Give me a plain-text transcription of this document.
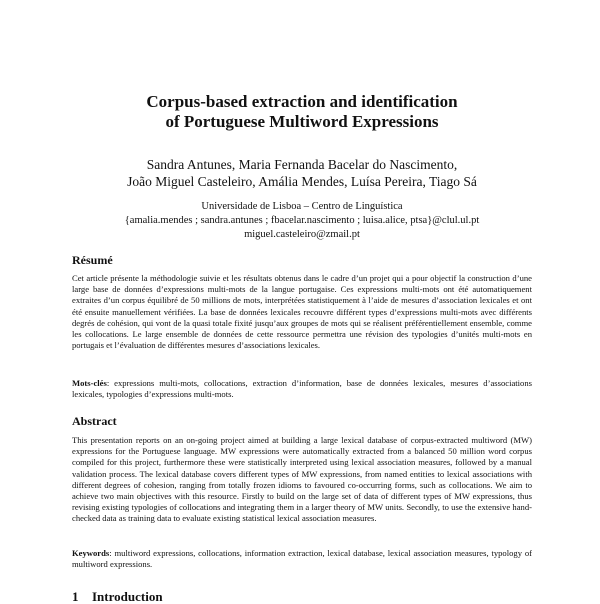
Corpus-based extraction and identification
of Portuguese Multiword Expressions
Sandra Antunes, Maria Fernanda Bacelar do Nascimento,
João Miguel Casteleiro, Amália Mendes, Luísa Pereira, Tiago Sá
Universidade de Lisboa – Centro de Linguística
{amalia.mendes ; sandra.antunes ; fbacelar.nascimento ; luisa.alice, ptsa}@clul.ul.pt
miguel.casteleiro@zmail.pt
Résumé

Cet article présente la méthodologie suivie et les résultats obtenus dans le cadre d’un projet qui a pour objectif la construction d’une large base de données d’expressions multi-mots de la langue portugaise. Ces expressions multi-mots ont été automatiquement extraites d’un corpus équilibré de 50 millions de mots, interprétées statistiquement à l’aide de mesures d’association lexicales et ont été ensuite manuellement vérifiées. La base de données lexicales recouvre différent types d’expressions multi-mots avec différents degrés de cohésion, qui vont de la quasi totale fixité jusqu’aux groupes de mots qui se réalisent préférentiellement ensemble, comme les collocations. Le large ensemble de données de cette ressource permettra une révision des typologies d’unités multi-mots en portugais et l’évaluation de différentes mesures d’associations lexicales.

Mots-clés: expressions multi-mots, collocations, extraction d’information, base de données lexicales, mesures d’associations lexicales, typologies d’expressions multi-mots.

Abstract

This presentation reports on an on-going project aimed at building a large lexical database of corpus-extracted multiword (MW) expressions for the Portuguese language. MW expressions were automatically extracted from a balanced 50 million word corpus compiled for this project, furthermore these were statistically interpreted using lexical association measures, followed by a manual validation process. The lexical database covers different types of MW expressions, from named entities to lexical associations with different degrees of cohesion, ranging from totally frozen idioms to favoured co-occurring forms, such as collocations. We aim to achieve two main objectives with this resource. Firstly to build on the large set of data of different types of MW expressions, thus revising existing typologies of collocations and integrating them in a larger theory of MW units. Secondly, to use the extensive hand-checked data as training data to evaluate existing statistical lexical association measures.

Keywords: multiword expressions, collocations, information extraction, lexical database, lexical association measures, typology of multiword expressions.

1 Introduction
